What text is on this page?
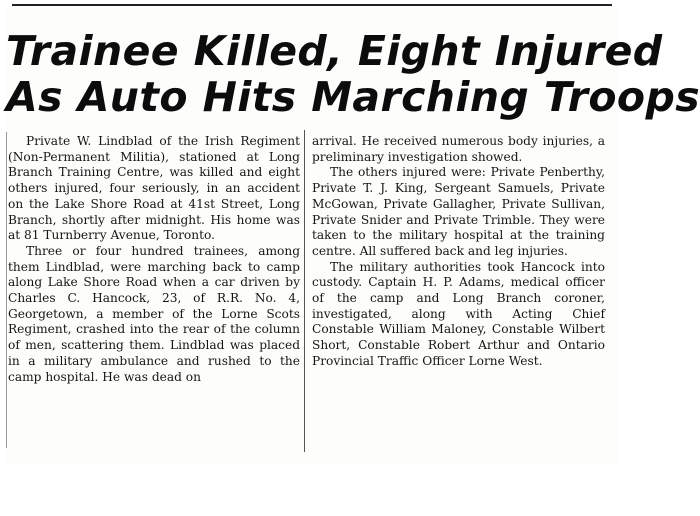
Trainee Killed, Eight Injured
As Auto Hits Marching Troops

Private W. Lindblad of the Irish Regiment (Non-Permanent Militia), stationed at Long Branch Training Centre, was killed and eight others injured, four seriously, in an accident on the Lake Shore Road at 41st Street, Long Branch, shortly after midnight. His home was at 81 Turnberry Avenue, Toronto.

Three or four hundred trainees, among them Lindblad, were marching back to camp along Lake Shore Road when a car driven by Charles C. Hancock, 23, of R.R. No. 4, Georgetown, a member of the Lorne Scots Regiment, crashed into the rear of the column of men, scattering them. Lindblad was placed in a military ambulance and rushed to the camp hospital. He was dead on

arrival. He received numerous body injuries, a preliminary investigation showed.

The others injured were: Private Penberthy, Private T. J. King, Sergeant Samuels, Private McGowan, Private Gallagher, Private Sullivan, Private Snider and Private Trimble. They were taken to the military hospital at the training centre. All suffered back and leg injuries.

The military authorities took Hancock into custody. Captain H. P. Adams, medical officer of the camp and Long Branch coroner, investigated, along with Acting Chief Constable William Maloney, Constable Wilbert Short, Constable Robert Arthur and Ontario Provincial Traffic Officer Lorne West.
